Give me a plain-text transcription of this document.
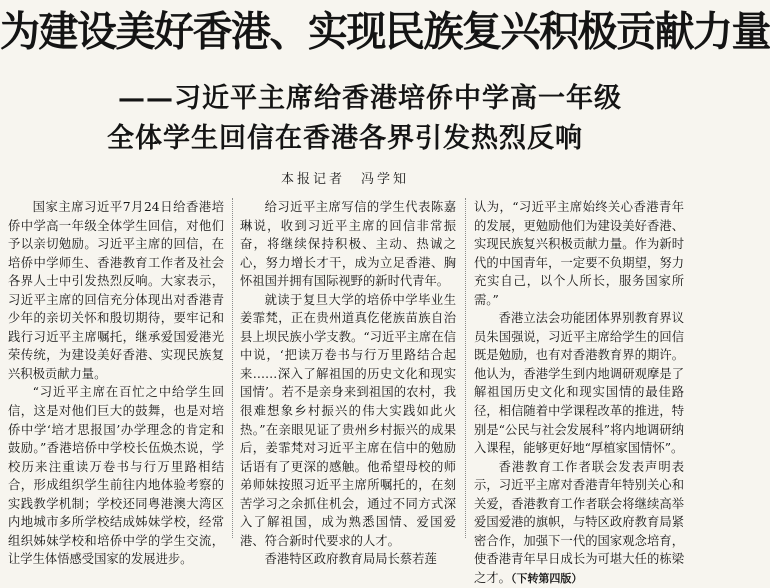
为建设美好香港、实现民族复兴积极贡献力量
——习近平主席给香港培侨中学高一年级
全体学生回信在香港各界引发热烈反响
本报记者　冯学知

国家主席习近平7月24日给香港培侨中学高一年级全体学生回信，对他们予以亲切勉励。习近平主席的回信，在培侨中学师生、香港教育工作者及社会各界人士中引发热烈反响。大家表示，习近平主席的回信充分体现出对香港青少年的亲切关怀和殷切期待，要牢记和践行习近平主席嘱托，继承爱国爱港光荣传统，为建设美好香港、实现民族复兴积极贡献力量。

“习近平主席在百忙之中给学生回信，这是对他们巨大的鼓舞，也是对培侨中学‘培才思报国’办学理念的肯定和鼓励。”香港培侨中学校长伍焕杰说，学校历来注重读万卷书与行万里路相结合，形成组织学生前往内地体验考察的实践教学机制；学校还同粤港澳大湾区内地城市多所学校结成姊妹学校，经常组织姊妹学校和培侨中学的学生交流，让学生体悟感受国家的发展进步。

给习近平主席写信的学生代表陈嘉琳说，收到习近平主席的回信非常振奋，将继续保持积极、主动、热诚之心，努力增长才干，成为立足香港、胸怀祖国并拥有国际视野的新时代青年。

就读于复旦大学的培侨中学毕业生姜霏梵，正在贵州道真仡佬族苗族自治县上坝民族小学支教。“习近平主席在信中说，‘把读万卷书与行万里路结合起来……深入了解祖国的历史文化和现实国情’。若不是亲身来到祖国的农村，我很难想象乡村振兴的伟大实践如此火热。”在亲眼见证了贵州乡村振兴的成果后，姜霏梵对习近平主席在信中的勉励话语有了更深的感触。他希望母校的师弟师妹按照习近平主席所嘱托的，在刻苦学习之余抓住机会，通过不同方式深入了解祖国，成为熟悉国情、爱国爱港、符合新时代要求的人才。

香港特区政府教育局局长蔡若莲

认为，“习近平主席始终关心香港青年的发展，更勉励他们为建设美好香港、实现民族复兴积极贡献力量。作为新时代的中国青年，一定要不负期望，努力充实自己，以个人所长，服务国家所需。”

香港立法会功能团体界别教育界议员朱国强说，习近平主席给学生的回信既是勉励，也有对香港教育界的期许。他认为，香港学生到内地调研观摩是了解祖国历史文化和现实国情的最佳路径，相信随着中学课程改革的推进，特别是“公民与社会发展科”将内地调研纳入课程，能够更好地“厚植家国情怀”。

香港教育工作者联会发表声明表示，习近平主席对香港青年特别关心和关爱，香港教育工作者联会将继续高举爱国爱港的旗帜，与特区政府教育局紧密合作，加强下一代的国家观念培育，使香港青年早日成长为可堪大任的栋梁之才。（下转第四版）
